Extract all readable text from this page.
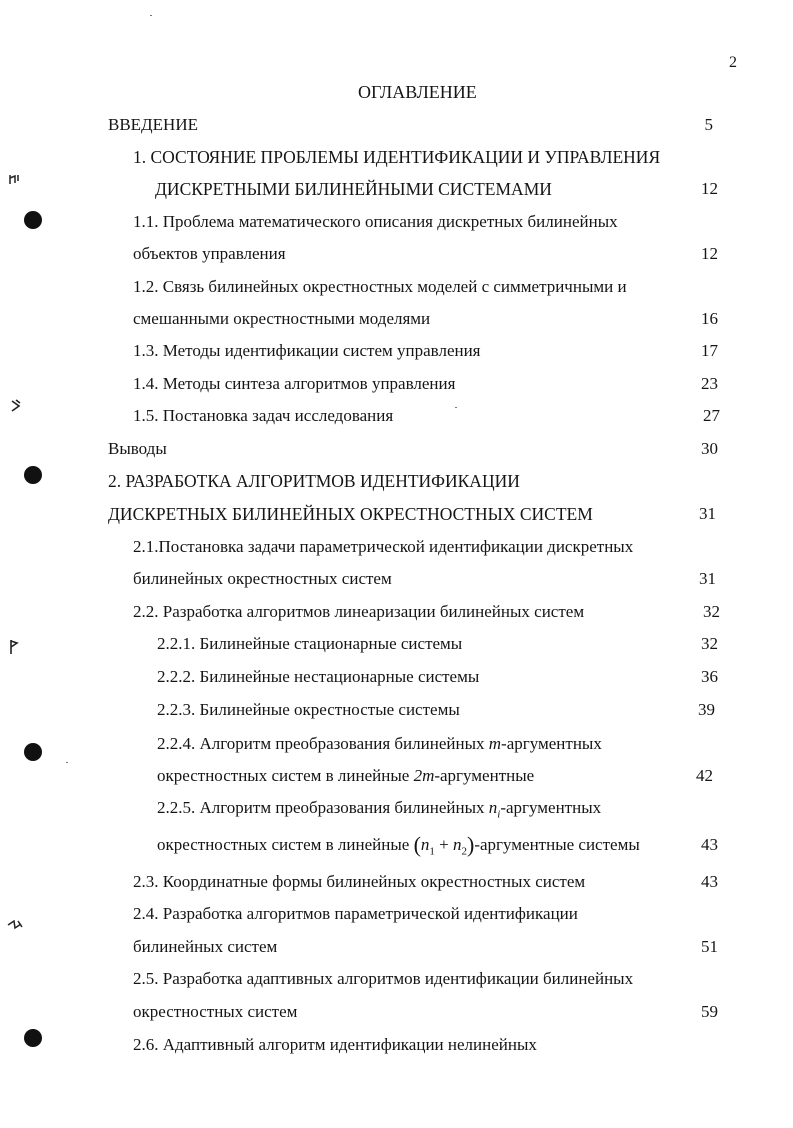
2
ОГЛАВЛЕНИЕ
ВВЕДЕНИЕ	5
1. СОСТОЯНИЕ ПРОБЛЕМЫ ИДЕНТИФИКАЦИИ И УПРАВЛЕНИЯ
ДИСКРЕТНЫМИ БИЛИНЕЙНЫМИ СИСТЕМАМИ	12
1.1. Проблема математического описания дискретных билинейных
объектов управления	12
1.2. Связь билинейных окрестностных моделей с симметричными и
смешанными окрестностными моделями	16
1.3. Методы идентификации систем управления	17
1.4. Методы синтеза алгоритмов управления	23
1.5. Постановка задач исследования	27
Выводы	30
2. РАЗРАБОТКА АЛГОРИТМОВ ИДЕНТИФИКАЦИИ
ДИСКРЕТНЫХ БИЛИНЕЙНЫХ ОКРЕСТНОСТНЫХ СИСТЕМ	31
2.1.Постановка задачи параметрической идентификации дискретных
билинейных окрестностных систем	31
2.2. Разработка алгоритмов линеаризации билинейных систем	32
2.2.1. Билинейные стационарные системы	32
2.2.2. Билинейные нестационарные системы	36
2.2.3. Билинейные окрестностые системы	39
2.2.4. Алгоритм преобразования билинейных m-аргументных
окрестностных систем в линейные 2m-аргументные	42
2.2.5. Алгоритм преобразования билинейных $n_i$-аргументных
окрестностных систем в линейные ($n_1$ + $n_2$)-аргументные системы	43
2.3. Координатные формы билинейных окрестностных систем	43
2.4. Разработка алгоритмов параметрической идентификации
билинейных систем	51
2.5. Разработка адаптивных алгоритмов идентификации билинейных
окрестностных систем	59
2.6. Адаптивный алгоритм идентификации нелинейных
